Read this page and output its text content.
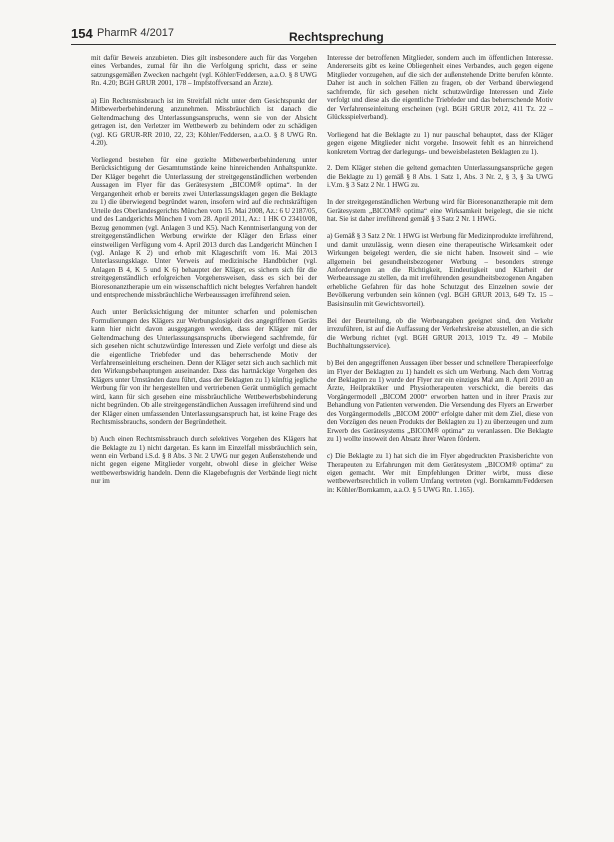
154 PharmR 4/2017	Rechtsprechung

mit dafür Beweis anzubieten. Dies gilt insbesondere auch für das Vorgehen eines Verbandes, zumal für ihn die Verfolgung spricht, dass er seine satzungsgemäßen Zwecken nachgeht (vgl. Köhler/Feddersen, a.a.O. § 8 UWG Rn. 4.20; BGH GRUR 2001, 178 – Impfstoffversand an Ärzte).

a) Ein Rechtsmissbrauch ist im Streitfall nicht unter dem Gesichtspunkt der Mitbewerberbehinderung anzunehmen. Missbräuchlich ist danach die Geltendmachung des Unterlassungsanspruchs, wenn sie von der Absicht getragen ist, den Verletzer im Wettbewerb zu behindern oder zu schädigen (vgl. KG GRUR-RR 2010, 22, 23; Köhler/Feddersen, a.a.O. § 8 UWG Rn. 4.20).

Vorliegend bestehen für eine gezielte Mitbewerberbehinderung unter Berücksichtigung der Gesamtumstände keine hinreichenden Anhaltspunkte. Der Kläger begehrt die Unterlassung der streitgegenständlichen werbenden Aussagen im Flyer für das Gerätesystem „BICOM® optima“. In der Vergangenheit erhob er bereits zwei Unterlassungsklagen gegen die Beklagte zu 1) die überwiegend begründet waren, insofern wird auf die rechtskräftigen Urteile des Oberlandesgerichts München vom 15. Mai 2008, Az.: 6 U 2187/05, und des Landgerichts München I vom 28. April 2011, Az.: 1 HK O 23410/08, Bezug genommen (vgl. Anlagen 3 und K5). Nach Kenntniserlangung von der streitgegenständlichen Werbung erwirkte der Kläger den Erlass einer einstweiligen Verfügung vom 4. April 2013 durch das Landgericht München I (vgl. Anlage K 2) und erhob mit Klageschrift vom 16. Mai 2013 Unterlassungsklage. Unter Verweis auf medizinische Handbücher (vgl. Anlagen B 4, K 5 und K 6) behauptet der Kläger, es sichern sich für die streitgegenständlich erfolgreichen Vorgehensweisen, dass es sich bei der Bioresonanztherapie um ein wissenschaftlich nicht belegtes Verfahren handelt und entsprechende missbräuchliche Werbeaussagen irreführend seien.

Auch unter Berücksichtigung der mitunter scharfen und polemischen Formulierungen des Klägers zur Werbungslosigkeit des angegriffenen Geräts kann hier nicht davon ausgegangen werden, dass der Kläger mit der Geltendmachung des Unterlassungsanspruchs überwiegend sachfremde, für sich gesehen nicht schutzwürdige Interessen und Ziele verfolgt und diese als die eigentliche Triebfeder und das beherrschende Motiv der Verfahrenseinleitung erscheinen. Denn der Kläger setzt sich auch sachlich mit den Wirkungsbehauptungen auseinander. Dass das hartnäckige Vorgehen des Klägers unter Umständen dazu führt, dass der Beklagten zu 1) künftig jegliche Werbung für von ihr hergestellten und vertriebenen Gerät unmöglich gemacht wird, kann für sich gesehen eine missbräuchliche Wettbewerbsbehinderung nicht begründen. Ob alle streitgegenständlichen Aussagen irreführend sind und der Kläger einen umfassenden Unterlassungsanspruch hat, ist keine Frage des Rechtsmissbrauchs, sondern der Begründetheit.

b) Auch einen Rechtsmissbrauch durch selektives Vorgehen des Klägers hat die Beklagte zu 1) nicht dargetan. Es kann im Einzelfall missbräuchlich sein, wenn ein Verband i.S.d. § 8 Abs. 3 Nr. 2 UWG nur gegen Außenstehende und nicht gegen eigene Mitglieder vorgeht, obwohl diese in gleicher Weise wettbewerbswidrig handeln. Denn die Klagebefugnis der Verbände liegt nicht nur im

Interesse der betroffenen Mitglieder, sondern auch im öffentlichen Interesse. Andererseits gibt es keine Obliegenheit eines Verbandes, auch gegen eigene Mitglieder vorzugehen, auf die sich der außenstehende Dritte berufen könnte. Daher ist auch in solchen Fällen zu fragen, ob der Verband überwiegend sachfremde, für sich gesehen nicht schutzwürdige Interessen und Ziele verfolgt und diese als die eigentliche Triebfeder und das beherrschende Motiv der Verfahrenseinleitung erscheinen (vgl. BGH GRUR 2012, 411 Tz. 22 – Glücksspielverband).

Vorliegend hat die Beklagte zu 1) nur pauschal behauptet, dass der Kläger gegen eigene Mitglieder nicht vorgehe. Insoweit fehlt es an hinreichend konkretem Vortrag der darlegungs- und beweisbelasteten Beklagten zu 1).

2. Dem Kläger stehen die geltend gemachten Unterlassungsansprüche gegen die Beklagte zu 1) gemäß § 8 Abs. 1 Satz 1, Abs. 3 Nr. 2, § 3, § 3a UWG i.V.m. § 3 Satz 2 Nr. 1 HWG zu.

In der streitgegenständlichen Werbung wird für Bioresonanztherapie mit dem Gerätesystem „BICOM® optima“ eine Wirksamkeit beigelegt, die sie nicht hat. Sie ist daher irreführend gemäß § 3 Satz 2 Nr. 1 HWG.

a) Gemäß § 3 Satz 2 Nr. 1 HWG ist Werbung für Medizinprodukte irreführend, und damit unzulässig, wenn diesen eine therapeutische Wirksamkeit oder Wirkungen beigelegt werden, die sie nicht haben. Insoweit sind – wie allgemein bei gesundheitsbezogener Werbung – besonders strenge Anforderungen an die Richtigkeit, Eindeutigkeit und Klarheit der Werbeaussage zu stellen, da mit irreführenden gesundheitsbezogenen Angaben erhebliche Gefahren für das hohe Schutzgut des Einzelnen sowie der Bevölkerung verbunden sein können (vgl. BGH GRUR 2013, 649 Tz. 15 – Basisinsulin mit Gewichtsvorteil).

Bei der Beurteilung, ob die Werbeangaben geeignet sind, den Verkehr irrezuführen, ist auf die Auffassung der Verkehrskreise abzustellen, an die sich die Werbung richtet (vgl. BGH GRUR 2013, 1019 Tz. 49 – Mobile Buchhaltungsservice).

b) Bei den angegriffenen Aussagen über besser und schnellere Therapieerfolge im Flyer der Beklagten zu 1) handelt es sich um Werbung. Nach dem Vortrag der Beklagten zu 1) wurde der Flyer zur ein einziges Mal am 8. April 2010 an Ärzte, Heilpraktiker und Physiotherapeuten verschickt, die bereits das Vorgängermodell „BICOM 2000“ erworben hatten und in ihrer Praxis zur Behandlung von Patienten verwenden. Die Versendung des Flyers an Erwerber des Vorgängermodells „BICOM 2000“ erfolgte daher mit dem Ziel, diese von den Vorzügen des neuen Produkts der Beklagten zu 1) zu überzeugen und zum Erwerb des Gerätesystems „BICOM® optima“ zu veranlassen. Die Beklagte zu 1) wollte insoweit den Absatz ihrer Waren fördern.

c) Die Beklagte zu 1) hat sich die im Flyer abgedruckten Praxisberichte von Therapeuten zu Erfahrungen mit dem Gerätesystem „BICOM® optima“ zu eigen gemacht. Wer mit Empfehlungen Dritter wirbt, muss diese wettbewerbsrechtlich in vollem Umfang vertreten (vgl. Bornkamm/Feddersen in: Köhler/Bornkamm, a.a.O. § 5 UWG Rn. 1.165).
